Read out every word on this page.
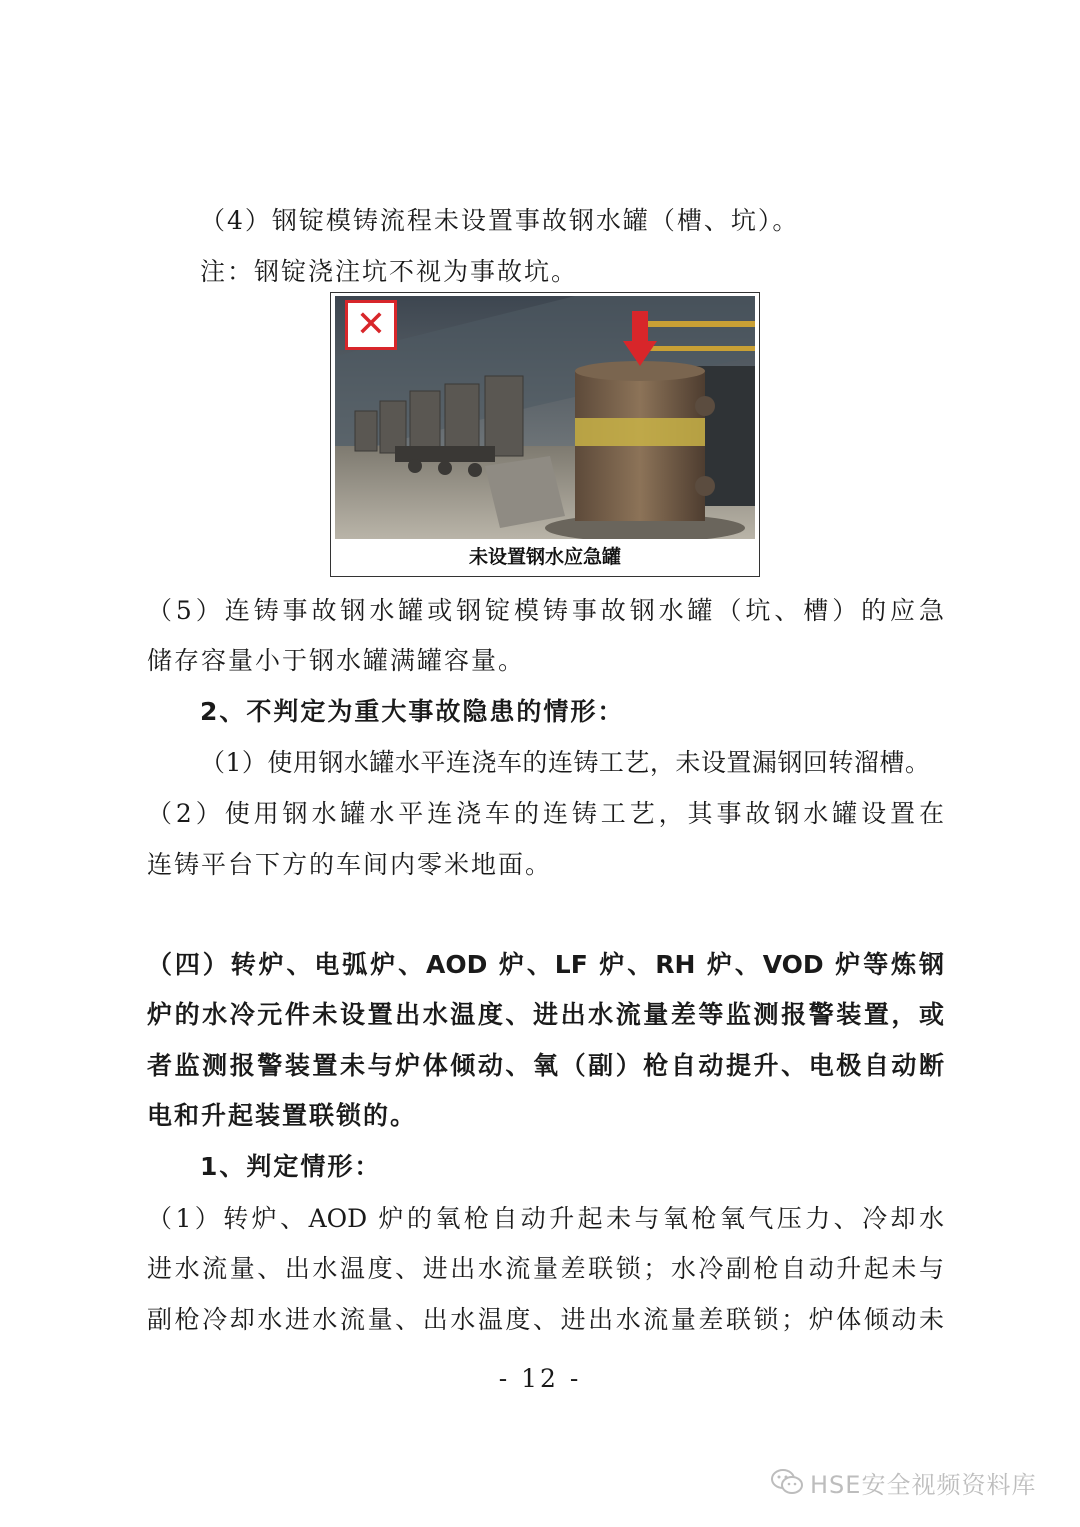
（4）钢锭模铸流程未设置事故钢水罐（槽、坑）。

注：钢锭浇注坑不视为事故坑。

✕
未设置钢水应急罐

（5）连铸事故钢水罐或钢锭模铸事故钢水罐（坑、槽）的应急

储存容量小于钢水罐满罐容量。

2、不判定为重大事故隐患的情形：

（1）使用钢水罐水平连浇车的连铸工艺，未设置漏钢回转溜槽。

（2）使用钢水罐水平连浇车的连铸工艺，其事故钢水罐设置在

连铸平台下方的车间内零米地面。

（四）转炉、电弧炉、AOD 炉、LF 炉、RH 炉、VOD 炉等炼钢

炉的水冷元件未设置出水温度、进出水流量差等监测报警装置，或

者监测报警装置未与炉体倾动、氧（副）枪自动提升、电极自动断

电和升起装置联锁的。

1、判定情形：

（1）转炉、AOD 炉的氧枪自动升起未与氧枪氧气压力、冷却水

进水流量、出水温度、进出水流量差联锁；水冷副枪自动升起未与

副枪冷却水进水流量、出水温度、进出水流量差联锁；炉体倾动未

- 12 -
HSE安全视频资料库
